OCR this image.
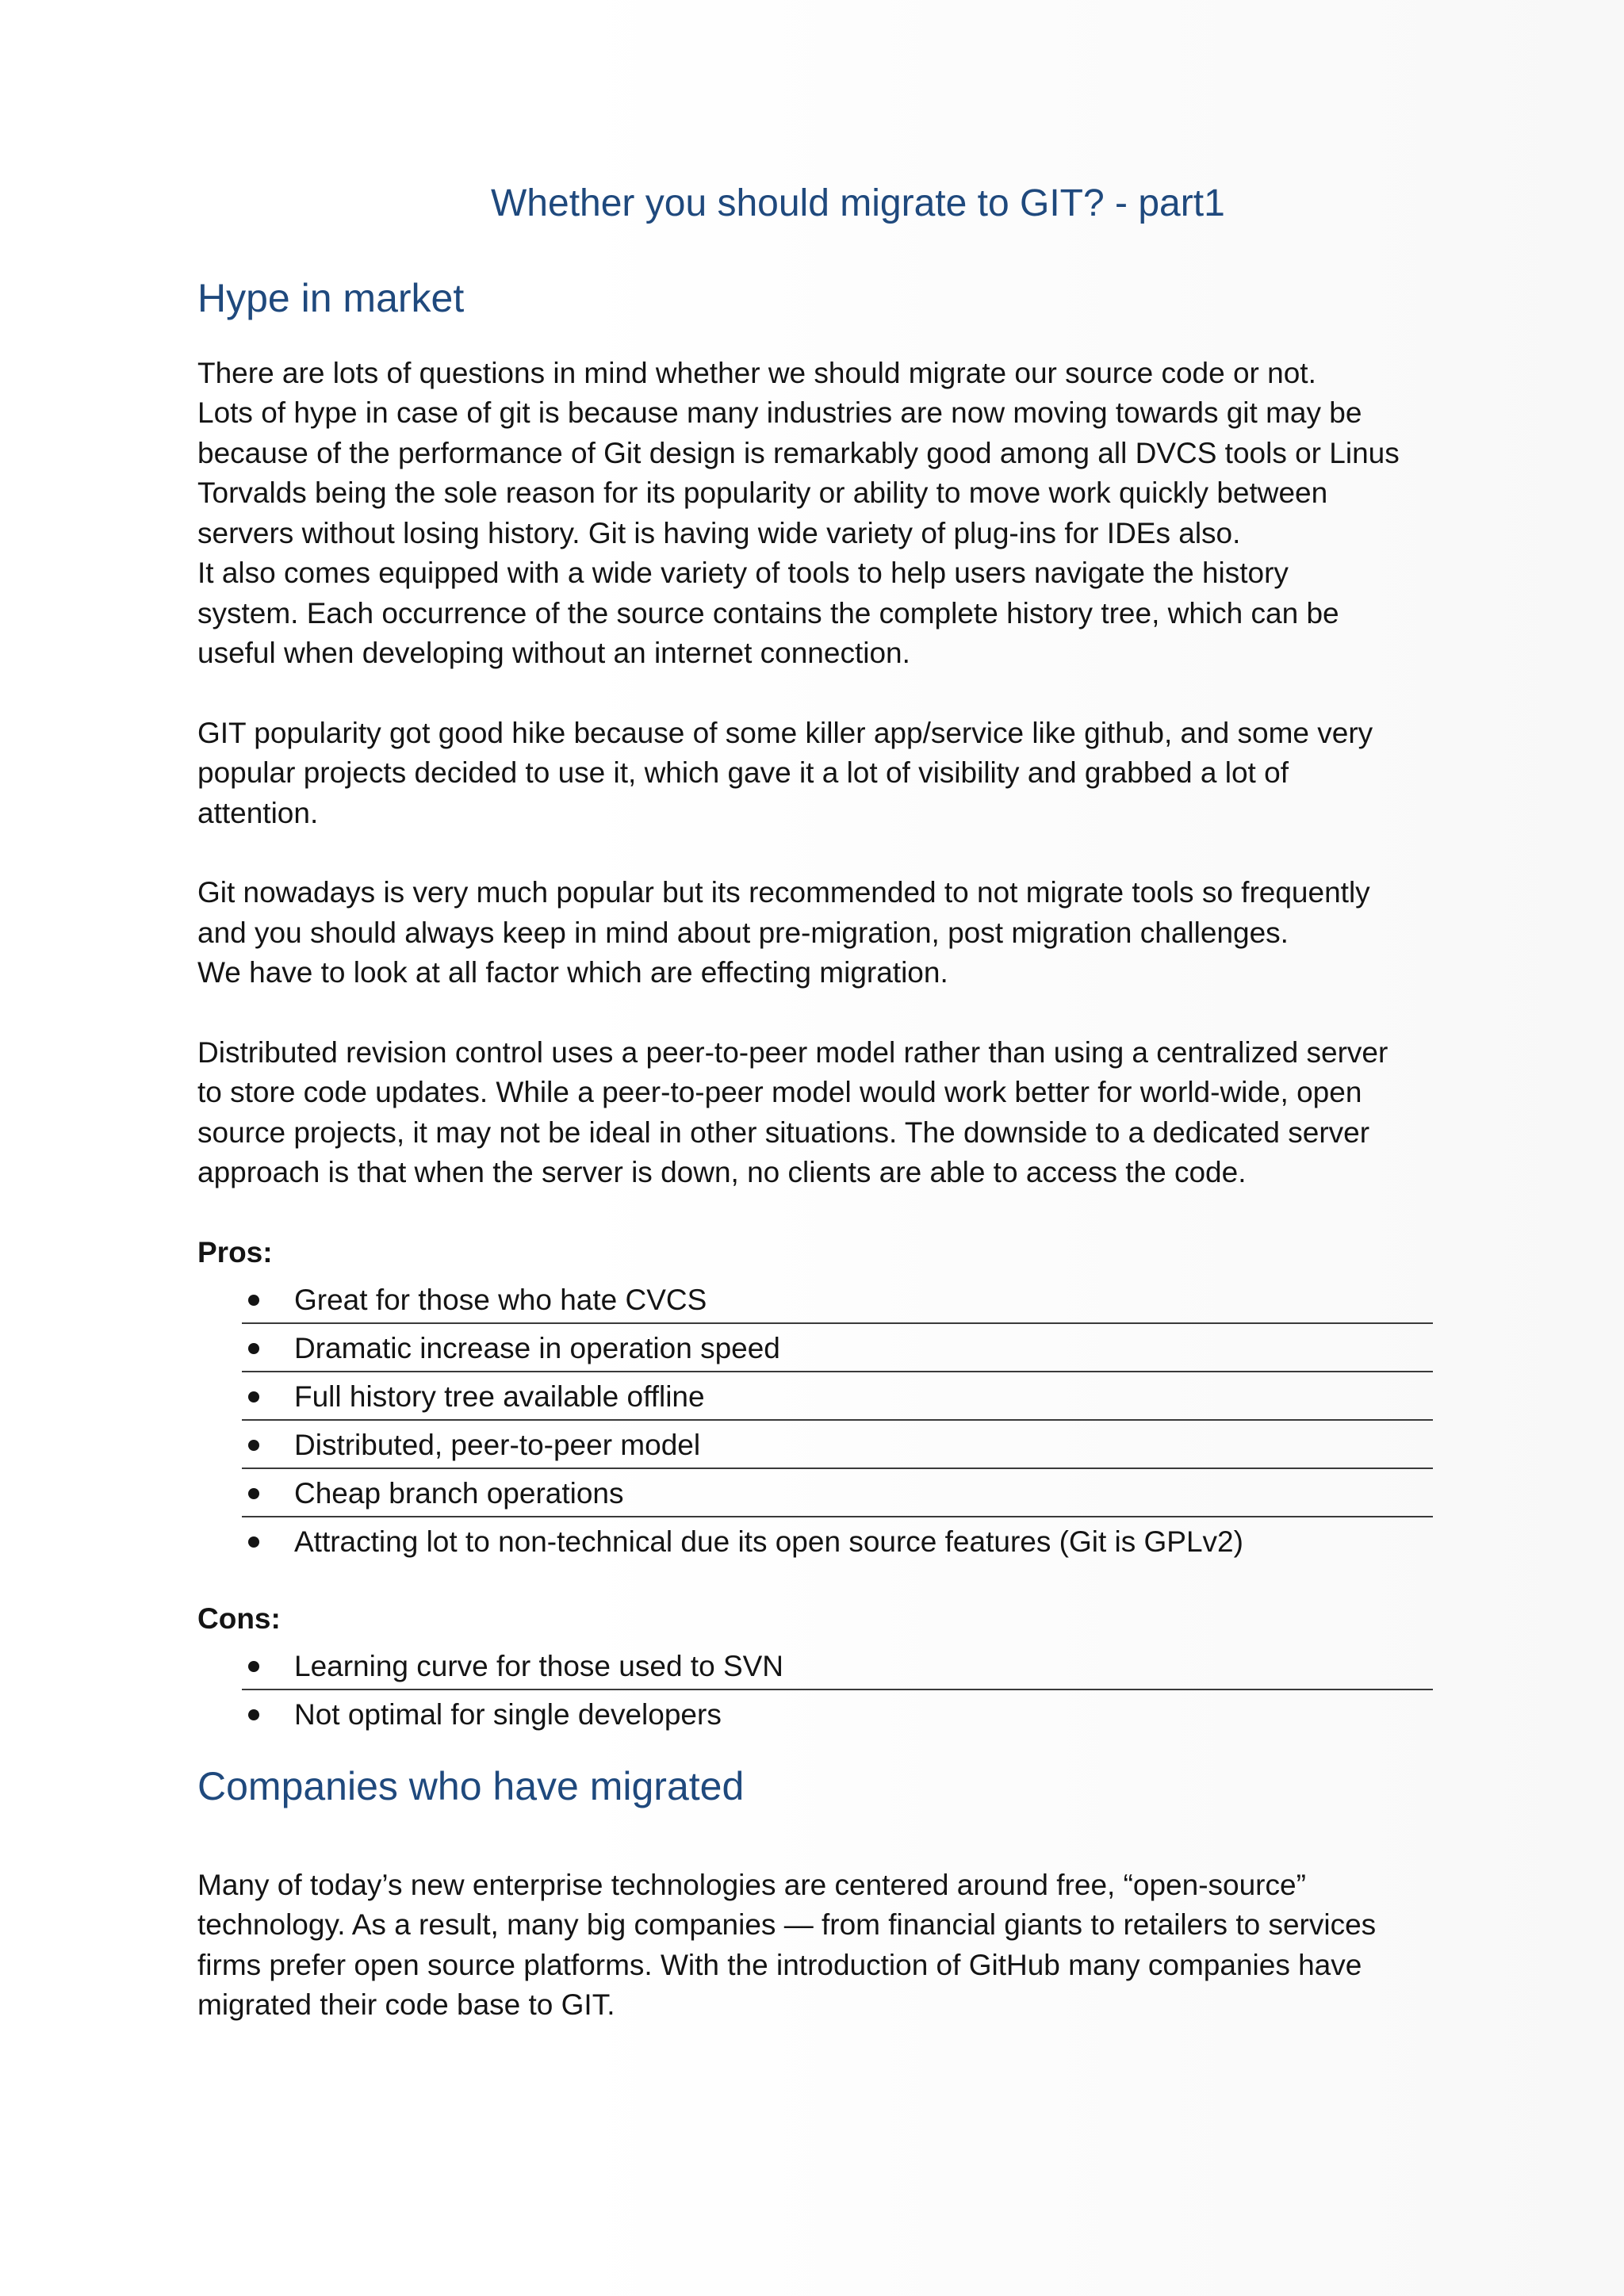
Whether you should migrate to GIT? - part1
Hype in market

There are lots of questions in mind whether we should migrate our source code or not.
Lots of hype in case of git is because many industries are now moving towards git may be
because of the performance of Git design is remarkably good among all DVCS tools or Linus
Torvalds being the sole reason for its popularity or ability to move work quickly between
servers without losing history. Git is having wide variety of plug-ins for IDEs also.
It also comes equipped with a wide variety of tools to help users navigate the history
system. Each occurrence of the source contains the complete history tree, which can be
useful when developing without an internet connection.

GIT popularity got good hike because of some killer app/service like github, and some very
popular projects decided to use it, which gave it a lot of visibility and grabbed a lot of
attention.

Git nowadays is very much popular but its recommended to not migrate tools so frequently
and you should always keep in mind about pre-migration, post migration challenges.
We have to look at all factor which are effecting migration.

Distributed revision control uses a peer-to-peer model rather than using a centralized server
to store code updates. While a peer-to-peer model would work better for world-wide, open
source projects, it may not be ideal in other situations. The downside to a dedicated server
approach is that when the server is down, no clients are able to access the code.

Pros:

Great for those who hate CVCS
Dramatic increase in operation speed
Full history tree available offline
Distributed, peer-to-peer model
Cheap branch operations
Attracting lot to non-technical due its open source features (Git is GPLv2)

Cons:

Learning curve for those used to SVN
Not optimal for single developers
Companies who have migrated

Many of today’s new enterprise technologies are centered around free, “open-source”
technology. As a result, many big companies — from financial giants to retailers to services
firms prefer open source platforms. With the introduction of GitHub many companies have
migrated their code base to GIT.
